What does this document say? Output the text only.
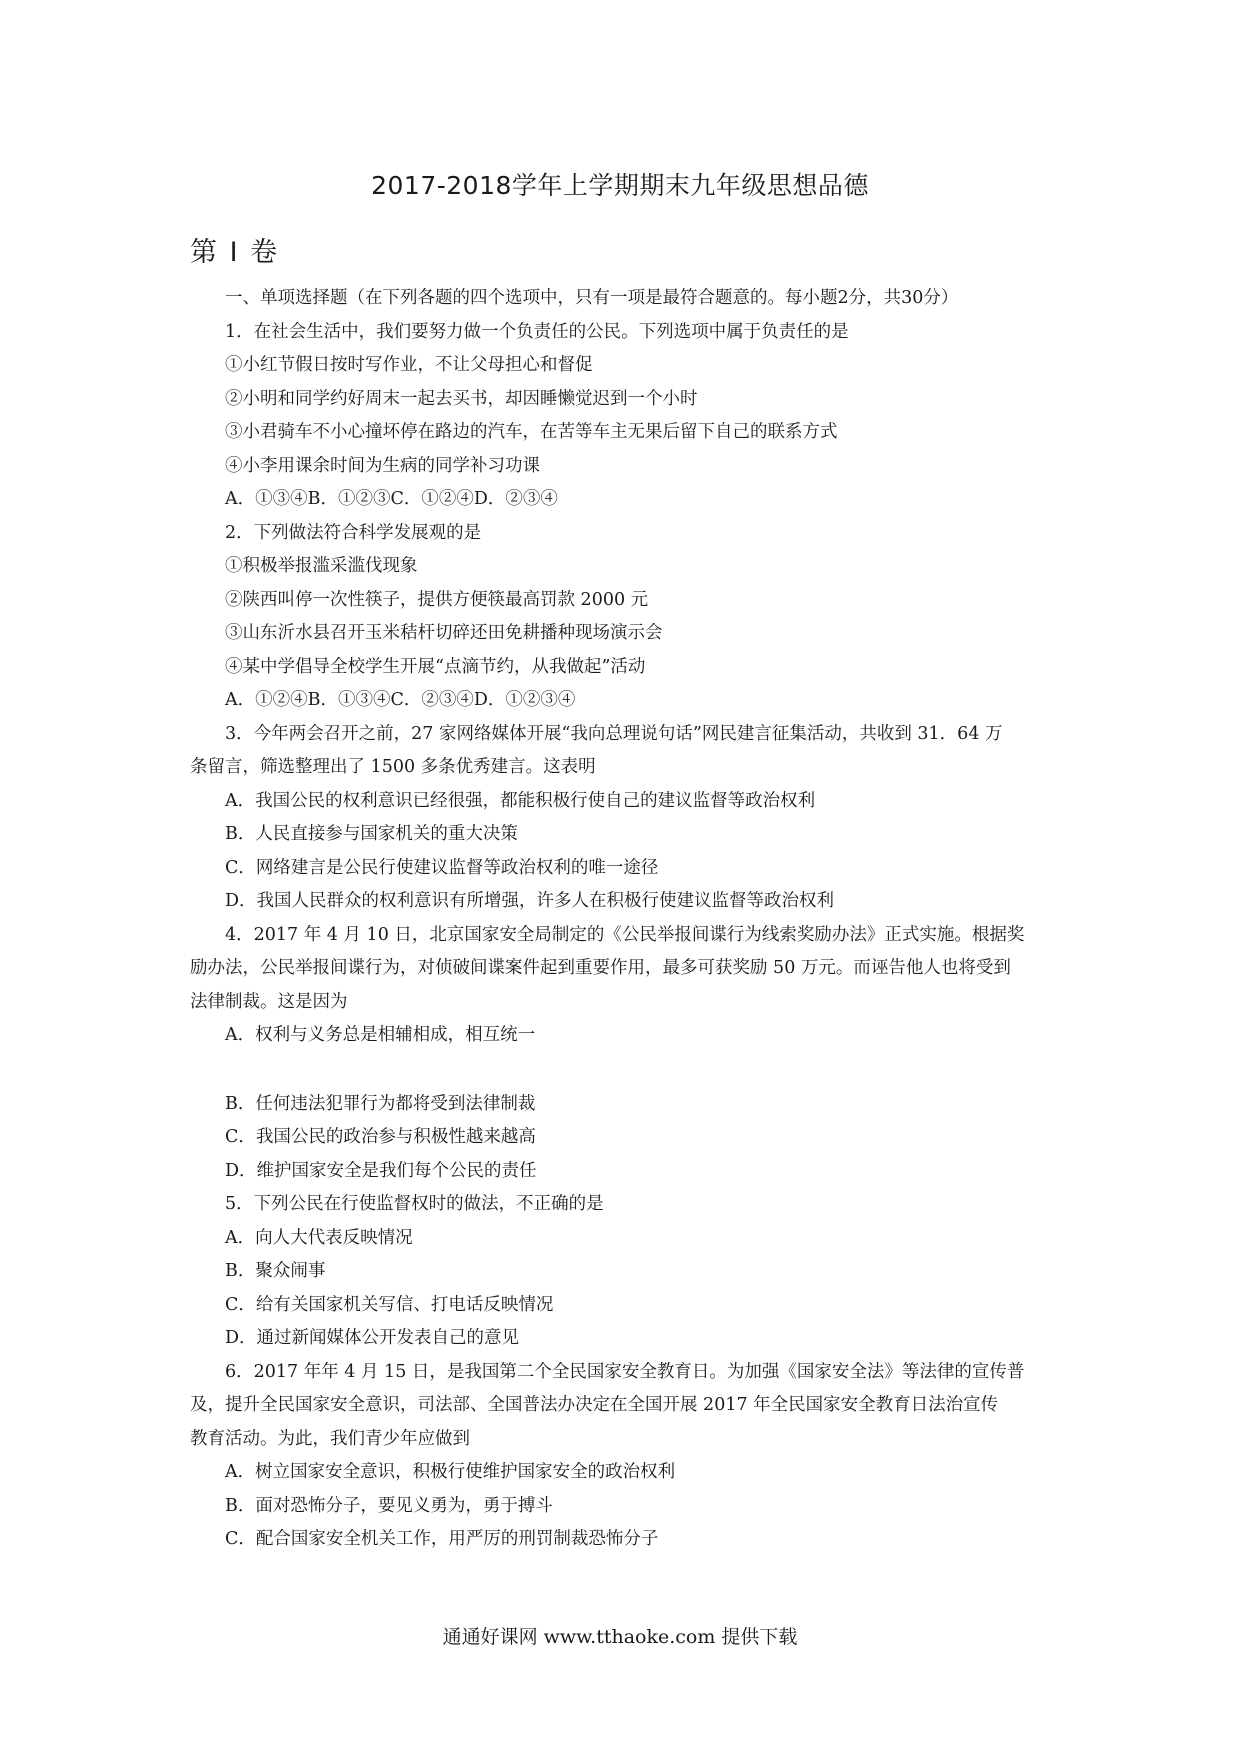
2017-2018学年上学期期末九年级思想品德
第 Ⅰ 卷
一、单项选择题（在下列各题的四个选项中，只有一项是最符合题意的。每小题2分，共30分）
1．在社会生活中，我们要努力做一个负责任的公民。下列选项中属于负责任的是
①小红节假日按时写作业，不让父母担心和督促
②小明和同学约好周末一起去买书，却因睡懒觉迟到一个小时
③小君骑车不小心撞坏停在路边的汽车，在苦等车主无果后留下自己的联系方式
④小李用课余时间为生病的同学补习功课
A．①③④B．①②③C．①②④D．②③④
2．下列做法符合科学发展观的是
①积极举报滥采滥伐现象
②陕西叫停一次性筷子，提供方便筷最高罚款 2000 元
③山东沂水县召开玉米秸杆切碎还田免耕播种现场演示会
④某中学倡导全校学生开展“点滴节约，从我做起”活动
A．①②④B．①③④C．②③④D．①②③④
3．今年两会召开之前，27 家网络媒体开展“我向总理说句话”网民建言征集活动，共收到 31．64 万
条留言，筛选整理出了 1500 多条优秀建言。这表明
A．我国公民的权利意识已经很强，都能积极行使自己的建议监督等政治权利
B．人民直接参与国家机关的重大决策
C．网络建言是公民行使建议监督等政治权利的唯一途径
D．我国人民群众的权利意识有所增强，许多人在积极行使建议监督等政治权利
4．2017 年 4 月 10 日，北京国家安全局制定的《公民举报间谍行为线索奖励办法》正式实施。根据奖
励办法，公民举报间谍行为，对侦破间谍案件起到重要作用，最多可获奖励 50 万元。而诬告他人也将受到
法律制裁。这是因为
A．权利与义务总是相辅相成，相互统一
B．任何违法犯罪行为都将受到法律制裁
C．我国公民的政治参与积极性越来越高
D．维护国家安全是我们每个公民的责任
5．下列公民在行使监督权时的做法，不正确的是
A．向人大代表反映情况
B．聚众闹事
C．给有关国家机关写信、打电话反映情况
D．通过新闻媒体公开发表自己的意见
6．2017 年年 4 月 15 日，是我国第二个全民国家安全教育日。为加强《国家安全法》等法律的宣传普
及，提升全民国家安全意识，司法部、全国普法办决定在全国开展 2017 年全民国家安全教育日法治宣传
教育活动。为此，我们青少年应做到
A．树立国家安全意识，积极行使维护国家安全的政治权利
B．面对恐怖分子，要见义勇为，勇于搏斗
C．配合国家安全机关工作，用严厉的刑罚制裁恐怖分子
通通好课网 www.tthaoke.com 提供下载
